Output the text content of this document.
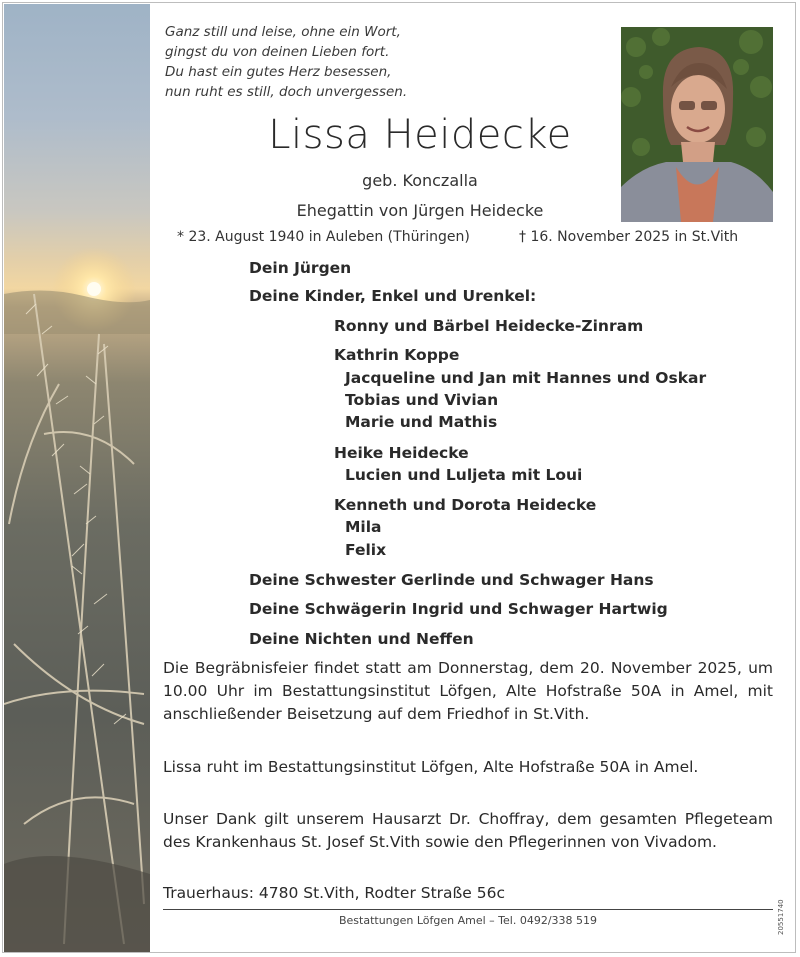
Ganz still und leise, ohne ein Wort,
gingst du von deinen Lieben fort.
Du hast ein gutes Herz besessen,
nun ruht es still, doch unvergessen.
Lissa Heidecke
geb. Konczalla
Ehegattin von Jürgen Heidecke
* 23. August 1940 in Auleben (Thüringen)	† 16. November 2025 in St.Vith
Dein Jürgen
Deine Kinder, Enkel und Urenkel:
Ronny und Bärbel Heidecke-Zinram
Kathrin Koppe
Jacqueline und Jan mit Hannes und Oskar
Tobias und Vivian
Marie und Mathis
Heike Heidecke
Lucien und Luljeta mit Loui
Kenneth und Dorota Heidecke
Mila
Felix
Deine Schwester Gerlinde und Schwager Hans
Deine Schwägerin Ingrid und Schwager Hartwig
Deine Nichten und Neffen
Die Begräbnisfeier findet statt am Donnerstag, dem 20. November 2025, um 10.00 Uhr im Bestattungsinstitut Löfgen, Alte Hofstraße 50A in Amel, mit anschließender Beisetzung auf dem Friedhof in St.Vith.
Lissa ruht im Bestattungsinstitut Löfgen, Alte Hofstraße 50A in Amel.
Unser Dank gilt unserem Hausarzt Dr. Choffray, dem gesamten Pflegeteam des Krankenhaus St. Josef St.Vith sowie den Pflegerinnen von Vivadom.
Trauerhaus: 4780 St.Vith, Rodter Straße 56c
Bestattungen Löfgen Amel – Tel. 0492/338 519	20551740
